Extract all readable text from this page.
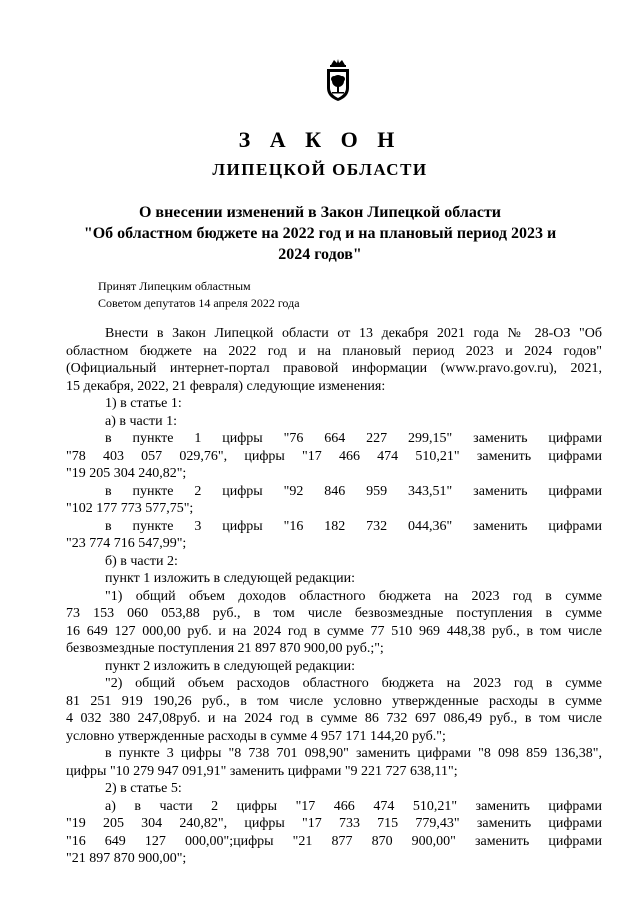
З А К О Н
ЛИПЕЦКОЙ ОБЛАСТИ
О внесении изменений в Закон Липецкой области
"Об областном бюджете на 2022 год и на плановый период 2023 и
2024 годов"
Принят Липецким областным
Советом депутатов 14 апреля 2022 года

Внести в Закон Липецкой области от 13 декабря 2021 года № 28-ОЗ "Об

областном бюджете на 2022 год и на плановый период 2023 и 2024 годов"

(Официальный интернет-портал правовой информации (www.pravo.gov.ru), 2021,

15 декабря, 2022, 21 февраля) следующие изменения:

1) в статье 1:

а) в части 1:

в пункте 1 цифры "76 664 227 299,15" заменить цифрами

"78 403 057 029,76", цифры "17 466 474 510,21" заменить цифрами

"19 205 304 240,82";

в пункте 2 цифры "92 846 959 343,51" заменить цифрами

"102 177 773 577,75";

в пункте 3 цифры "16 182 732 044,36" заменить цифрами

"23 774 716 547,99";

б) в части 2:

пункт 1 изложить в следующей редакции:

"1) общий объем доходов областного бюджета на 2023 год в сумме

73 153 060 053,88 руб., в том числе безвозмездные поступления в сумме

16 649 127 000,00 руб. и на 2024 год в сумме 77 510 969 448,38 руб., в том числе

безвозмездные поступления 21 897 870 900,00 руб.;";

пункт 2 изложить в следующей редакции:

"2) общий объем расходов областного бюджета на 2023 год в сумме

81 251 919 190,26 руб., в том числе условно утвержденные расходы в сумме

4 032 380 247,08руб. и на 2024 год в сумме 86 732 697 086,49 руб., в том числе

условно утвержденные расходы в сумме 4 957 171 144,20 руб.";

в пункте 3 цифры "8 738 701 098,90" заменить цифрами "8 098 859 136,38",

цифры "10 279 947 091,91" заменить цифрами "9 221 727 638,11";

2) в статье 5:

а) в части 2 цифры "17 466 474 510,21" заменить цифрами

"19 205 304 240,82", цифры "17 733 715 779,43" заменить цифрами

"16 649 127 000,00";цифры "21 877 870 900,00" заменить цифрами

"21 897 870 900,00";
